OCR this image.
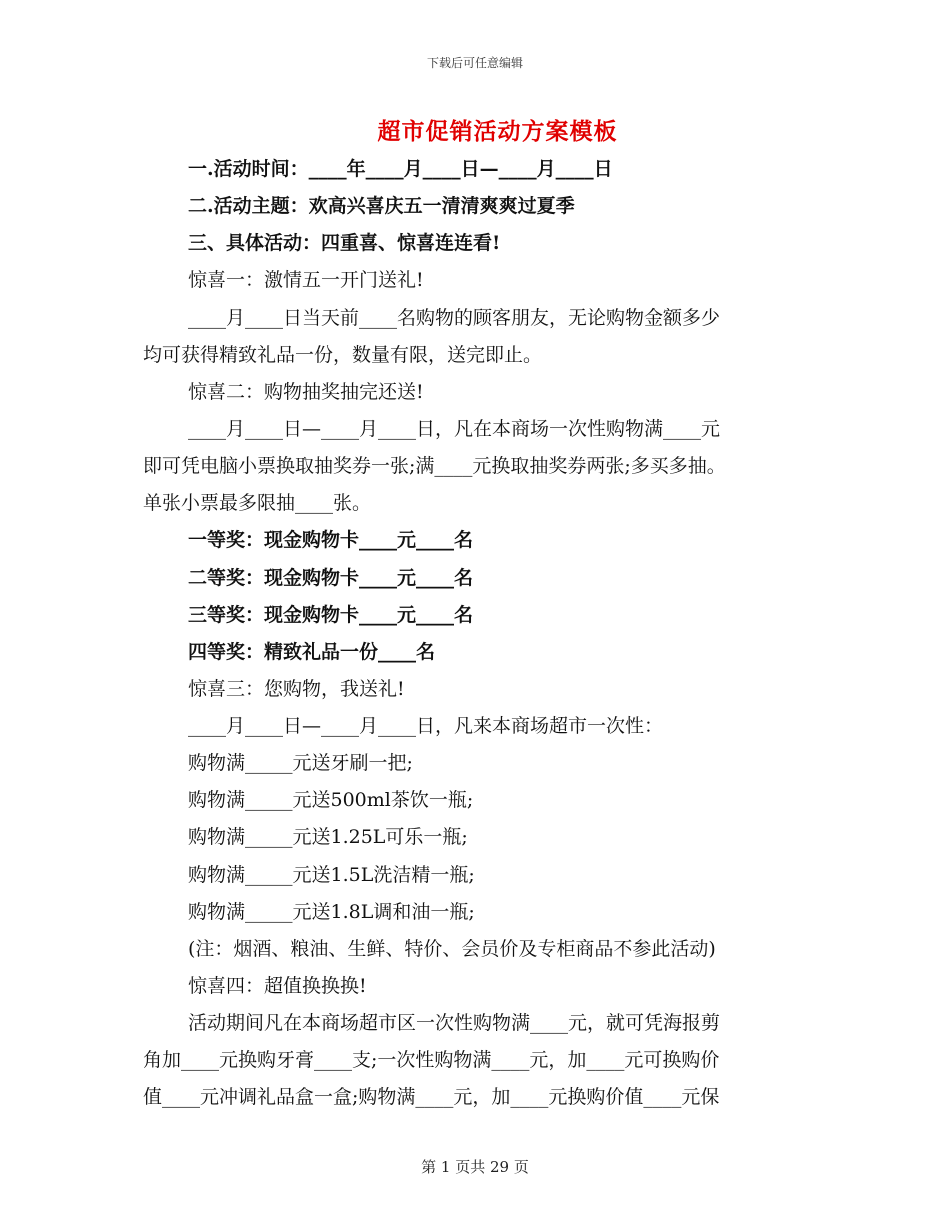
下载后可任意编辑
超市促销活动方案模板
一.活动时间：____年____月____日—____月____日
二.活动主题：欢高兴喜庆五一清清爽爽过夏季
三、具体活动：四重喜、惊喜连连看!
惊喜一：激情五一开门送礼!
____月____日当天前____名购物的顾客朋友，无论购物金额多少
均可获得精致礼品一份，数量有限，送完即止。
惊喜二：购物抽奖抽完还送!
____月____日—____月____日，凡在本商场一次性购物满____元
即可凭电脑小票换取抽奖券一张;满____元换取抽奖券两张;多买多抽。
单张小票最多限抽____张。
一等奖：现金购物卡____元____名
二等奖：现金购物卡____元____名
三等奖：现金购物卡____元____名
四等奖：精致礼品一份____名
惊喜三：您购物，我送礼!
____月____日—____月____日，凡来本商场超市一次性：
购物满_____元送牙刷一把;
购物满_____元送500ml茶饮一瓶;
购物满_____元送1.25L可乐一瓶;
购物满_____元送1.5L洗洁精一瓶;
购物满_____元送1.8L调和油一瓶;
(注：烟酒、粮油、生鲜、特价、会员价及专柜商品不参此活动)
惊喜四：超值换换换!
活动期间凡在本商场超市区一次性购物满____元，就可凭海报剪
角加____元换购牙膏____支;一次性购物满____元，加____元可换购价
值____元冲调礼品盒一盒;购物满____元，加____元换购价值____元保
第 1 页共 29 页
